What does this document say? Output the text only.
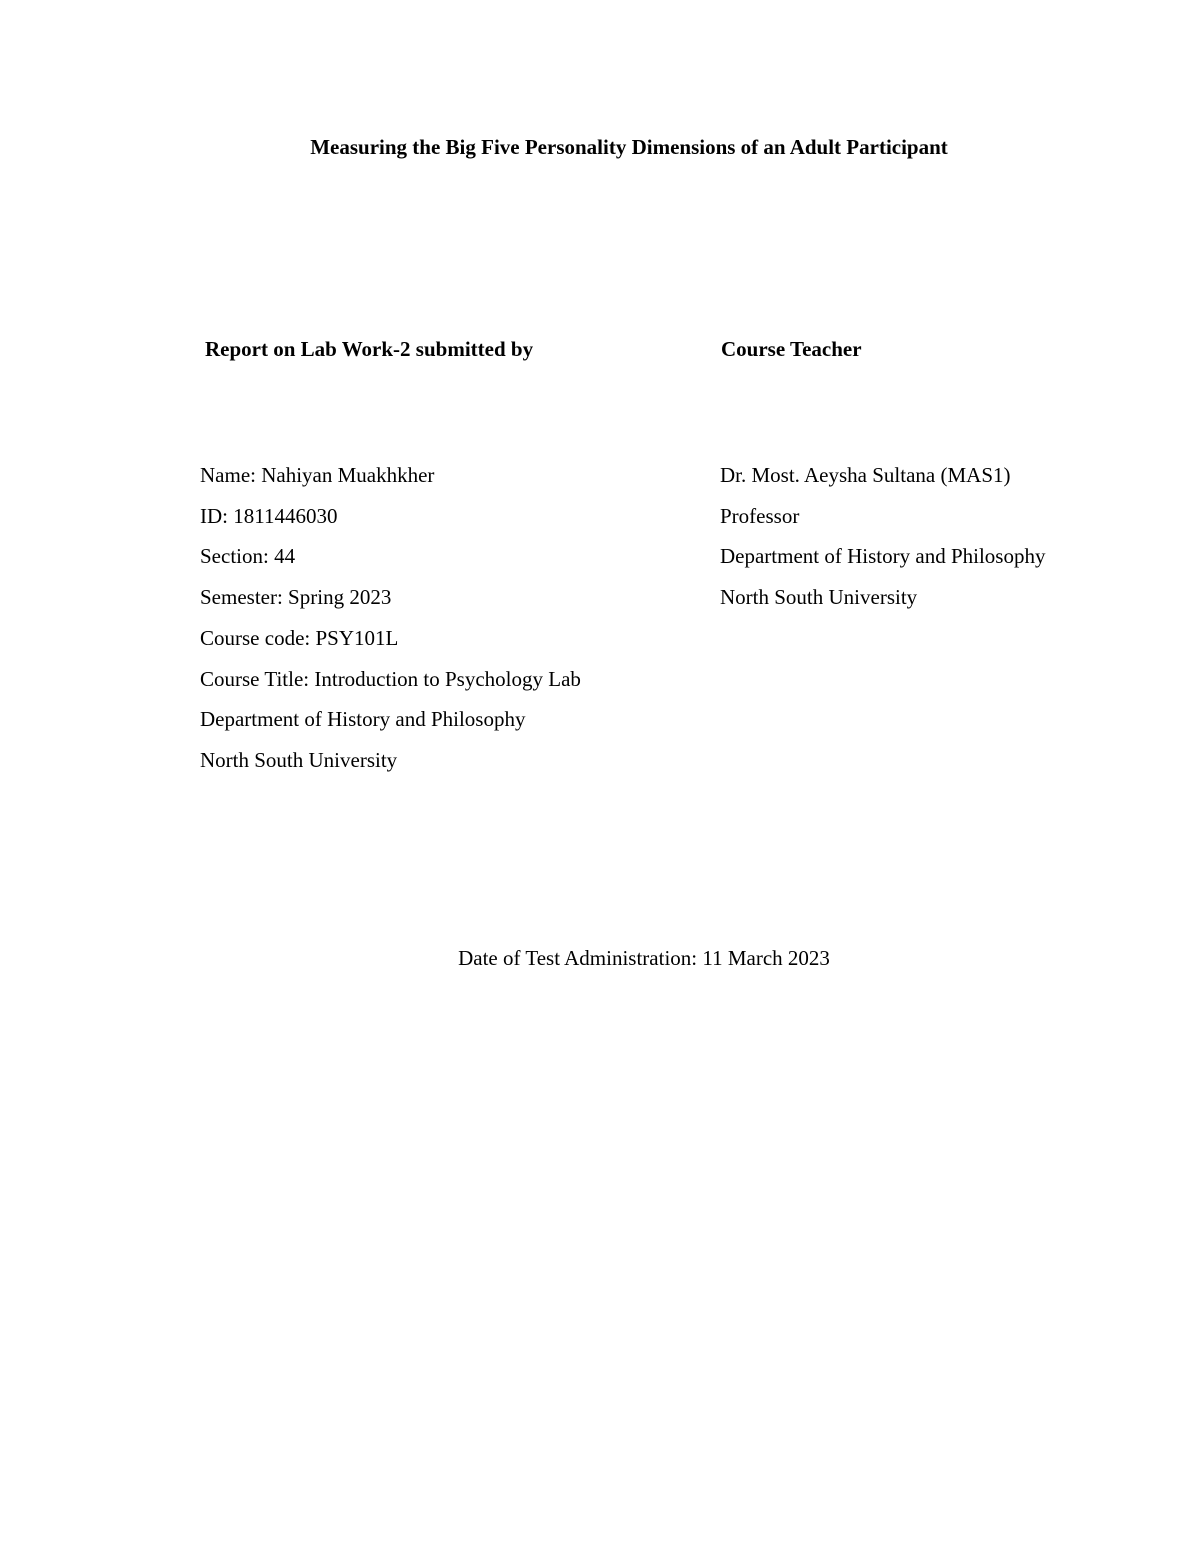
Measuring the Big Five Personality Dimensions of an Adult Participant
Report on Lab Work-2 submitted by	Course Teacher
Name: Nahiyan Muakhkher
ID: 1811446030
Section: 44
Semester: Spring 2023
Course code: PSY101L
Course Title: Introduction to Psychology Lab
Department of History and Philosophy
North South University
Dr. Most. Aeysha Sultana (MAS1)
Professor
Department of History and Philosophy
North South University
Date of Test Administration: 11 March 2023
